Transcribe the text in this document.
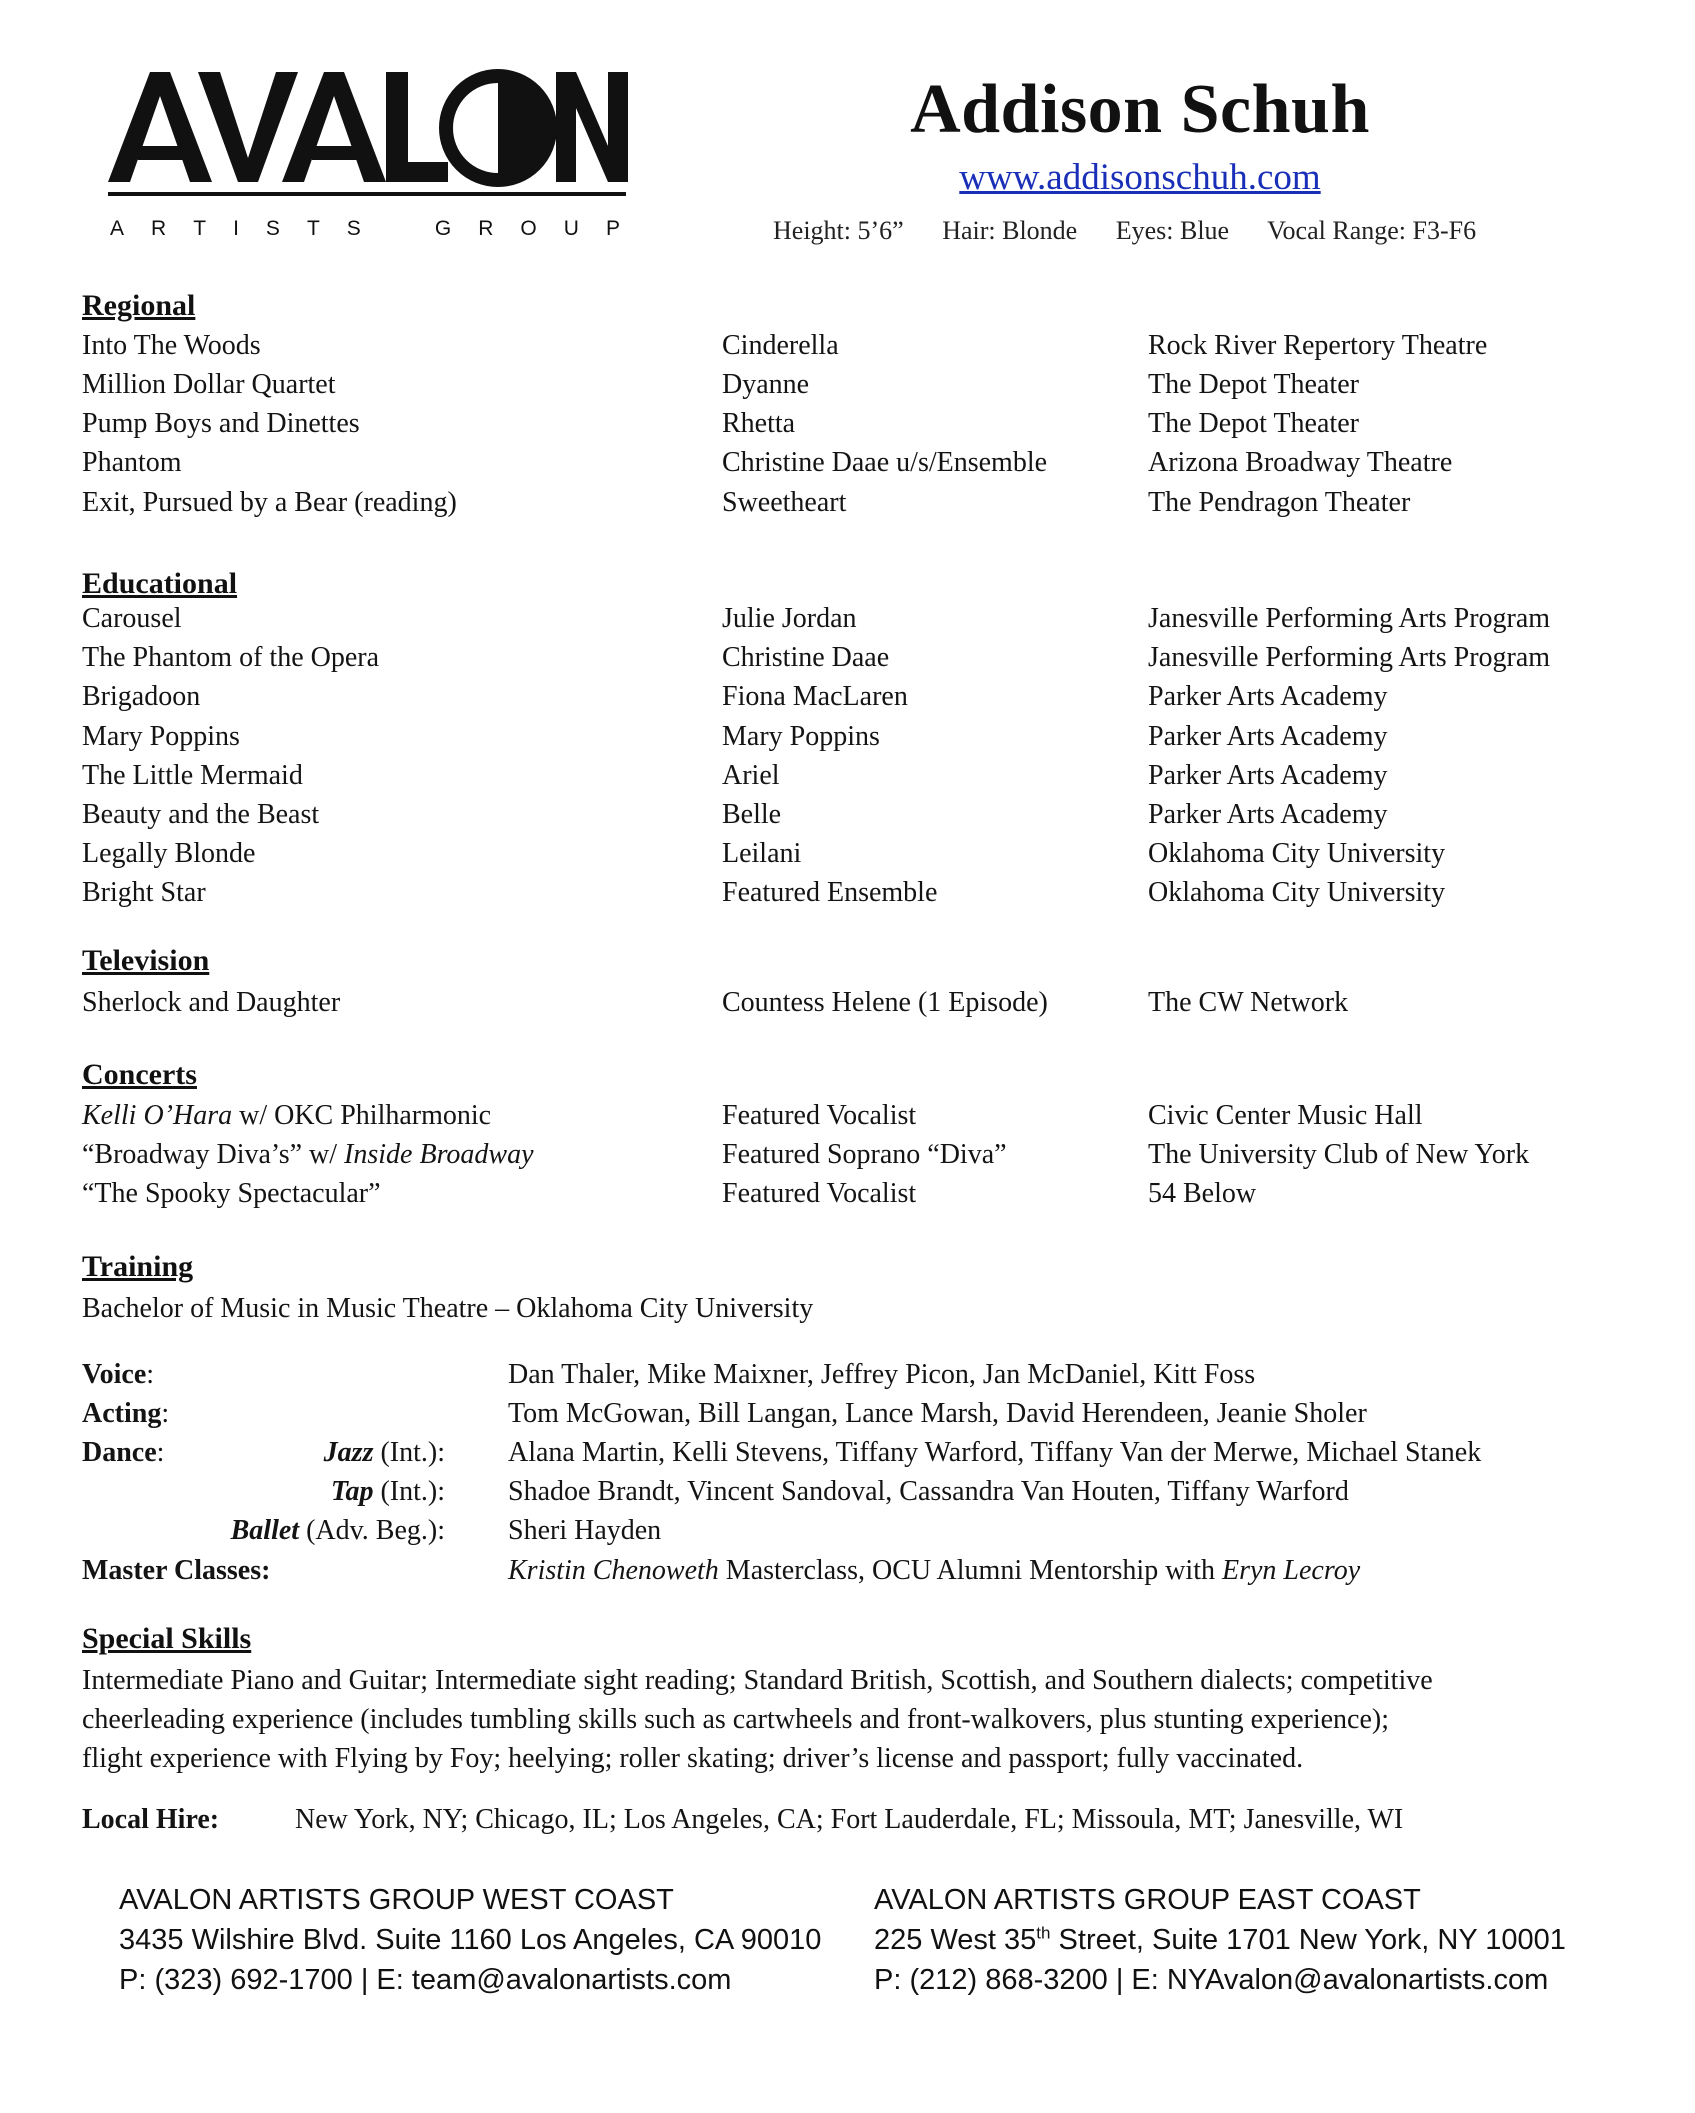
A R T I S T S	G R O U P
Addison Schuh
www.addisonschuh.com
Height: 5’6” Hair: Blonde Eyes: Blue Vocal Range: F3-F6
Regional
Into The Woods	Cinderella	Rock River Repertory Theatre
Million Dollar Quartet	Dyanne	The Depot Theater
Pump Boys and Dinettes	Rhetta	The Depot Theater
Phantom	Christine Daae u/s/Ensemble	Arizona Broadway Theatre
Exit, Pursued by a Bear (reading)	Sweetheart	The Pendragon Theater
Educational
Carousel	Julie Jordan	Janesville Performing Arts Program
The Phantom of the Opera	Christine Daae	Janesville Performing Arts Program
Brigadoon	Fiona MacLaren	Parker Arts Academy
Mary Poppins	Mary Poppins	Parker Arts Academy
The Little Mermaid	Ariel	Parker Arts Academy
Beauty and the Beast	Belle	Parker Arts Academy
Legally Blonde	Leilani	Oklahoma City University
Bright Star	Featured Ensemble	Oklahoma City University
Television
Sherlock and Daughter	Countess Helene (1 Episode)	The CW Network
Concerts
Kelli O’Hara w/ OKC Philharmonic	Featured Vocalist	Civic Center Music Hall
“Broadway Diva’s” w/ Inside Broadway	Featured Soprano “Diva”	The University Club of New York
“The Spooky Spectacular”	Featured Vocalist	54 Below
Training
Bachelor of Music in Music Theatre – Oklahoma City University
Voice:	Dan Thaler, Mike Maixner, Jeffrey Picon, Jan McDaniel, Kitt Foss
Acting:	Tom McGowan, Bill Langan, Lance Marsh, David Herendeen, Jeanie Sholer
Dance:	Jazz (Int.): Alana Martin, Kelli Stevens, Tiffany Warford, Tiffany Van der Merwe, Michael Stanek
Tap (Int.): Shadoe Brandt, Vincent Sandoval, Cassandra Van Houten, Tiffany Warford
Ballet (Adv. Beg.): Sheri Hayden
Master Classes:	Kristin Chenoweth Masterclass, OCU Alumni Mentorship with Eryn Lecroy
Special Skills
Intermediate Piano and Guitar; Intermediate sight reading; Standard British, Scottish, and Southern dialects; competitive
cheerleading experience (includes tumbling skills such as cartwheels and front-walkovers, plus stunting experience);
flight experience with Flying by Foy; heelying; roller skating; driver’s license and passport; fully vaccinated.
Local Hire:	New York, NY; Chicago, IL; Los Angeles, CA; Fort Lauderdale, FL; Missoula, MT; Janesville, WI
AVALON ARTISTS GROUP WEST COAST
3435 Wilshire Blvd. Suite 1160 Los Angeles, CA 90010
P: (323) 692-1700 | E: team@avalonartists.com
AVALON ARTISTS GROUP EAST COAST
225 West 35th Street, Suite 1701 New York, NY 10001
P: (212) 868-3200 | E: NYAvalon@avalonartists.com
